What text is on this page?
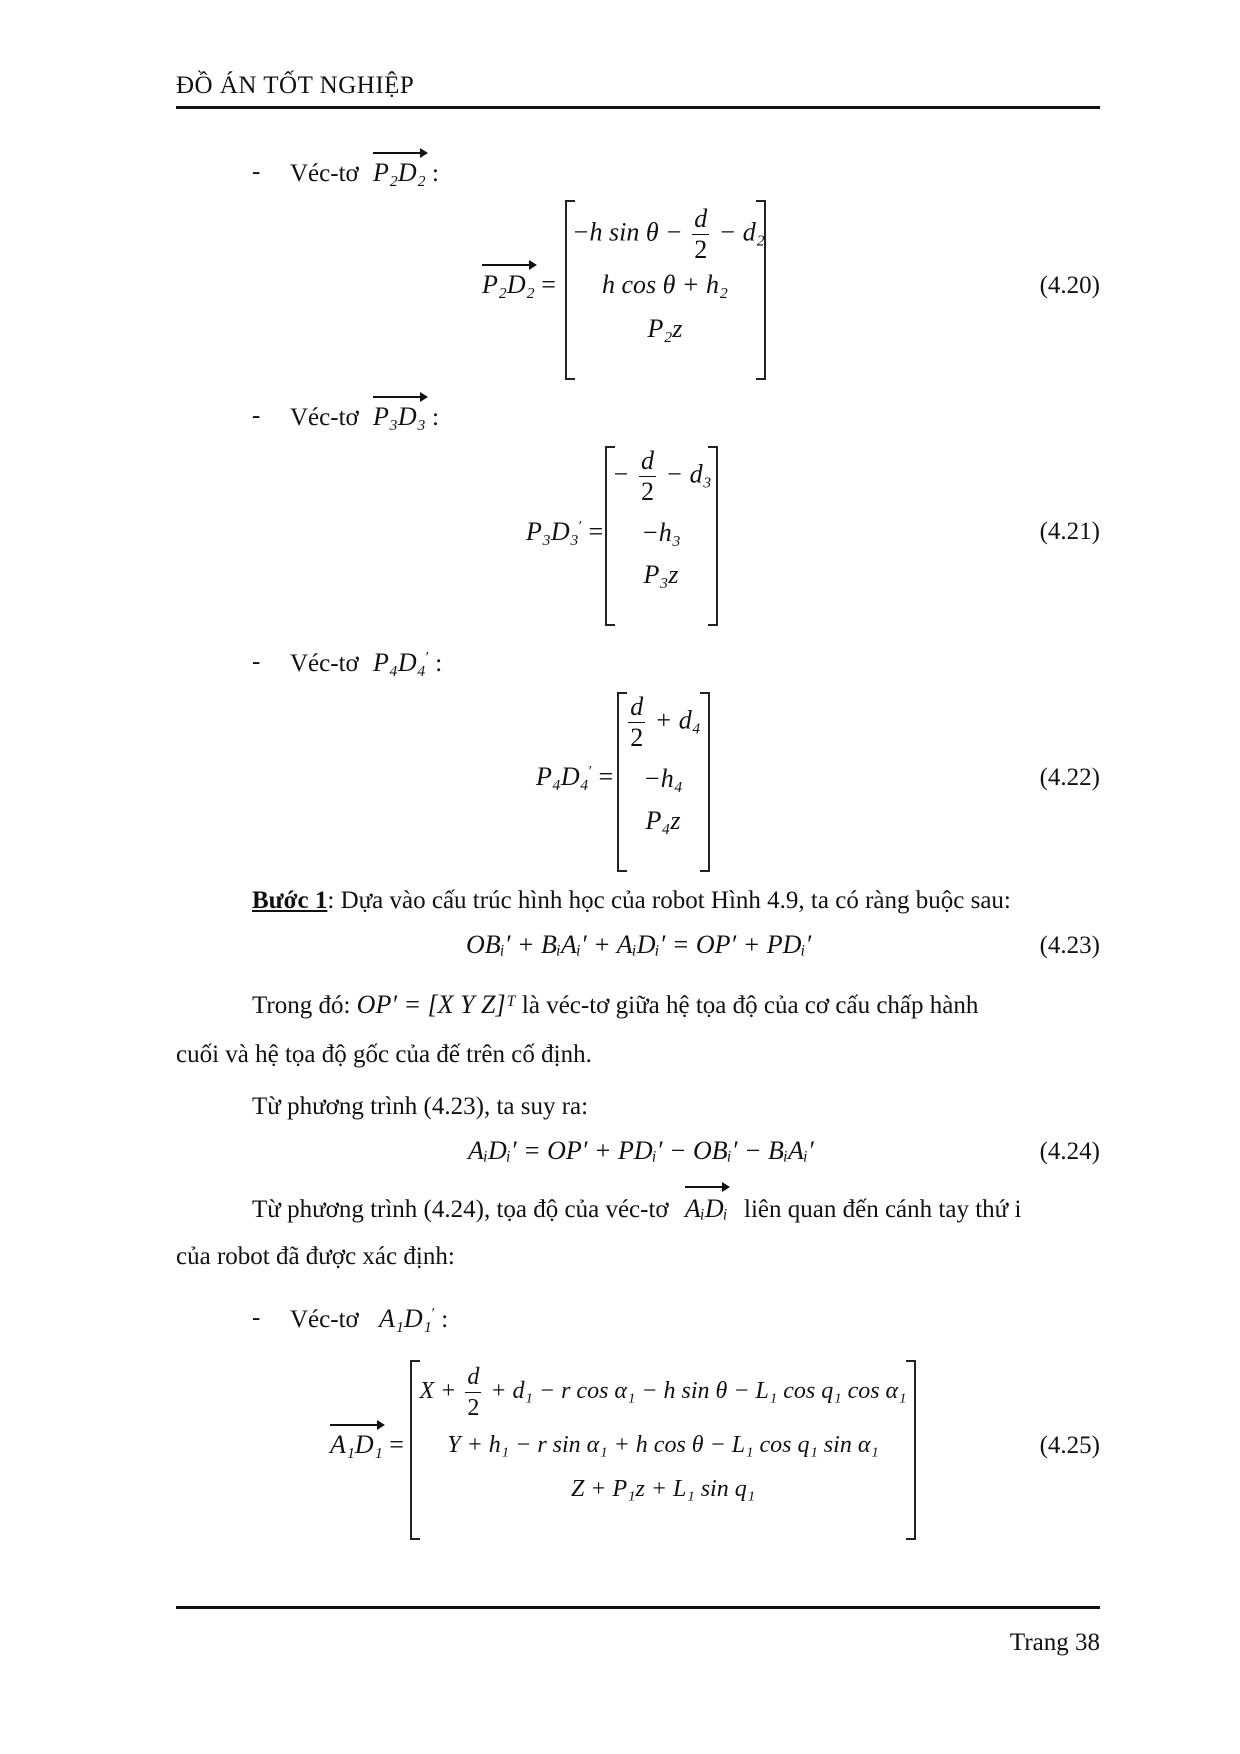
ĐỒ ÁN TỐT NGHIỆP
- Véc-tơ P₂D₂ :
P₂D₂ =
−h $\sin \theta - \frac{d}{2} - d_2$
h cos θ + h₂
P₂z
(4.20)
- Véc-tơ P₃D₃ :
P₃D₃′ =
− $\frac{d}{2} - d_3$
−h₃
P₃z
(4.21)
- Véc-tơ P₄D₄′ :
P₄D₄′ =
$\frac{d}{2} + d_4$
−h₄
P₄z
(4.22)
Bước 1: Dựa vào cấu trúc hình học của robot Hình 4.9, ta có ràng buộc sau:
OBᵢ′ + BᵢAᵢ′ + AᵢDᵢ′ = OP′ + PDᵢ′	(4.23)
Trong đó: OP′ = [X Y Z]ᵀ là véc-tơ giữa hệ tọa độ của cơ cấu chấp hành
cuối và hệ tọa độ gốc của đế trên cố định.
Từ phương trình (4.23), ta suy ra:
AᵢDᵢ′ = OP′ + PDᵢ′ − OBᵢ′ − BᵢAᵢ′	(4.24)
Từ phương trình (4.24), tọa độ của véc-tơ AᵢDᵢ liên quan đến cánh tay thứ i
của robot đã được xác định:
- Véc-tơ A₁D₁′ :
A₁D₁ =
$X + \frac{d}{2} + d_1 - r$ cos α₁ − h sin θ − L₁ cos q₁ cos α₁
Y + h₁ − r sin α₁ + h cos θ − L₁ cos q₁ sin α₁
Z + P₁z + L₁ sin q₁
(4.25)
Trang 38
